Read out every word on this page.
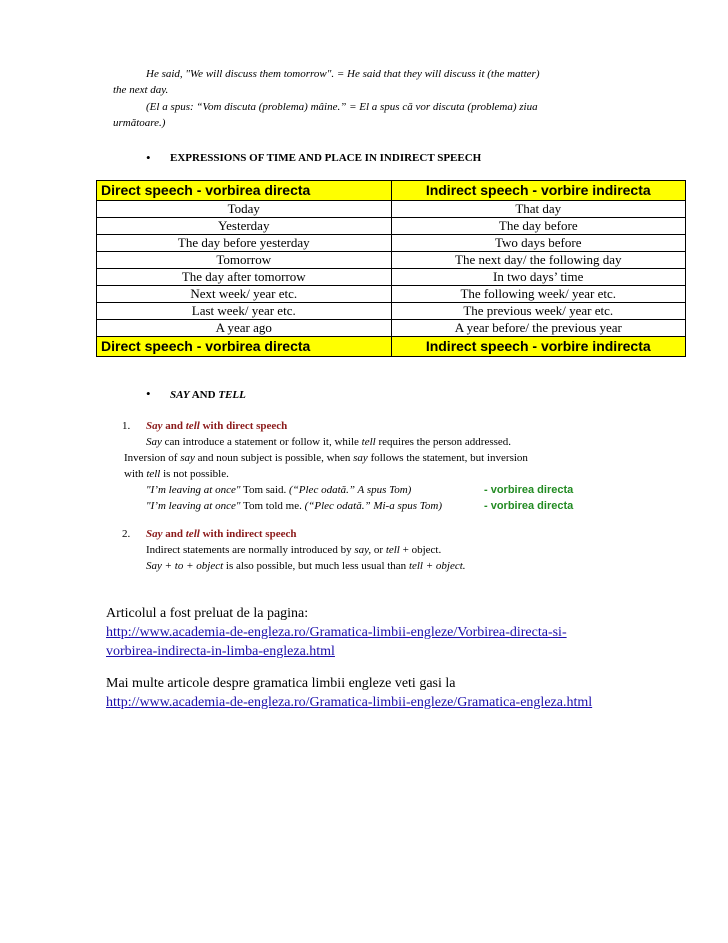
He said, "We will discuss them tomorrow". = He said that they will discuss it (the matter)
the next day.
(El a spus: “Vom discuta (problema) mâine.” = El a spus că vor discuta (problema) ziua
următoare.)
• EXPRESSIONS OF TIME AND PLACE IN INDIRECT SPEECH
Direct speech - vorbirea directa	Indirect speech - vorbire indirecta
Today	That day
Yesterday	The day before
The day before yesterday	Two days before
Tomorrow	The next day/ the following day
The day after tomorrow	In two days’ time
Next week/ year etc.	The following week/ year etc.
Last week/ year etc.	The previous week/ year etc.
A year ago	A year before/ the previous year
Direct speech - vorbirea directa	Indirect speech - vorbire indirecta
• SAY AND TELL
1. Say and tell with direct speech
Say can introduce a statement or follow it, while tell requires the person addressed.
Inversion of say and noun subject is possible, when say follows the statement, but inversion
with tell is not possible.
"I’m leaving at once" Tom said. (“Plec odată.” A spus Tom)	- vorbirea directa
"I’m leaving at once" Tom told me. (“Plec odată.” Mi-a spus Tom)	- vorbirea directa
2. Say and tell with indirect speech
Indirect statements are normally introduced by say, or tell + object.
Say + to + object is also possible, but much less usual than tell + object.
Articolul a fost preluat de la pagina:
http://www.academia-de-engleza.ro/Gramatica-limbii-engleze/Vorbirea-directa-si-
vorbirea-indirecta-in-limba-engleza.html
Mai multe articole despre gramatica limbii engleze veti gasi la
http://www.academia-de-engleza.ro/Gramatica-limbii-engleze/Gramatica-engleza.html
